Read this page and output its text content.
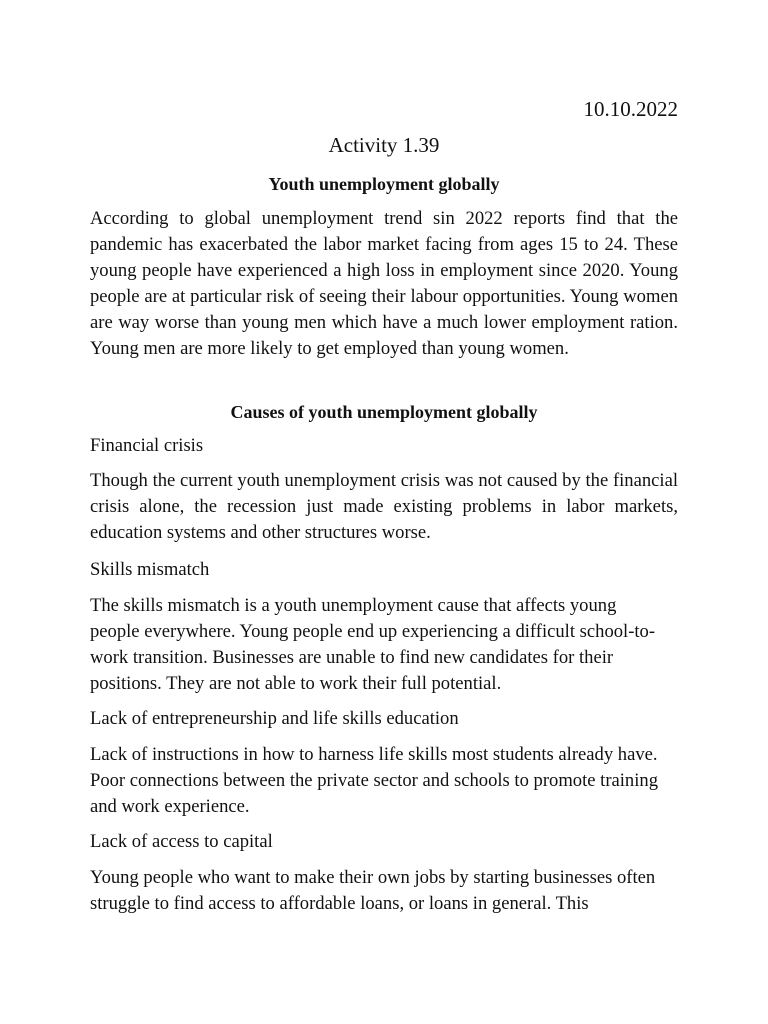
10.10.2022
Activity 1.39
Youth unemployment globally

According to global unemployment trend sin 2022 reports find that the pandemic has exacerbated the labor market facing from ages 15 to 24. These young people have experienced a high loss in employment since 2020. Young people are at particular risk of seeing their labour opportunities. Young women are way worse than young men which have a much lower employment ration. Young men are more likely to get employed than young women.

Causes of youth unemployment globally
Financial crisis

Though the current youth unemployment crisis was not caused by the financial crisis alone, the recession just made existing problems in labor markets, education systems and other structures worse.

Skills mismatch

The skills mismatch is a youth unemployment cause that affects young people everywhere. Young people end up experiencing a difficult school-to-work transition. Businesses are unable to find new candidates for their positions. They are not able to work their full potential.

Lack of entrepreneurship and life skills education

Lack of instructions in how to harness life skills most students already have. Poor connections between the private sector and schools to promote training and work experience.

Lack of access to capital

Young people who want to make their own jobs by starting businesses often struggle to find access to affordable loans, or loans in general. This
